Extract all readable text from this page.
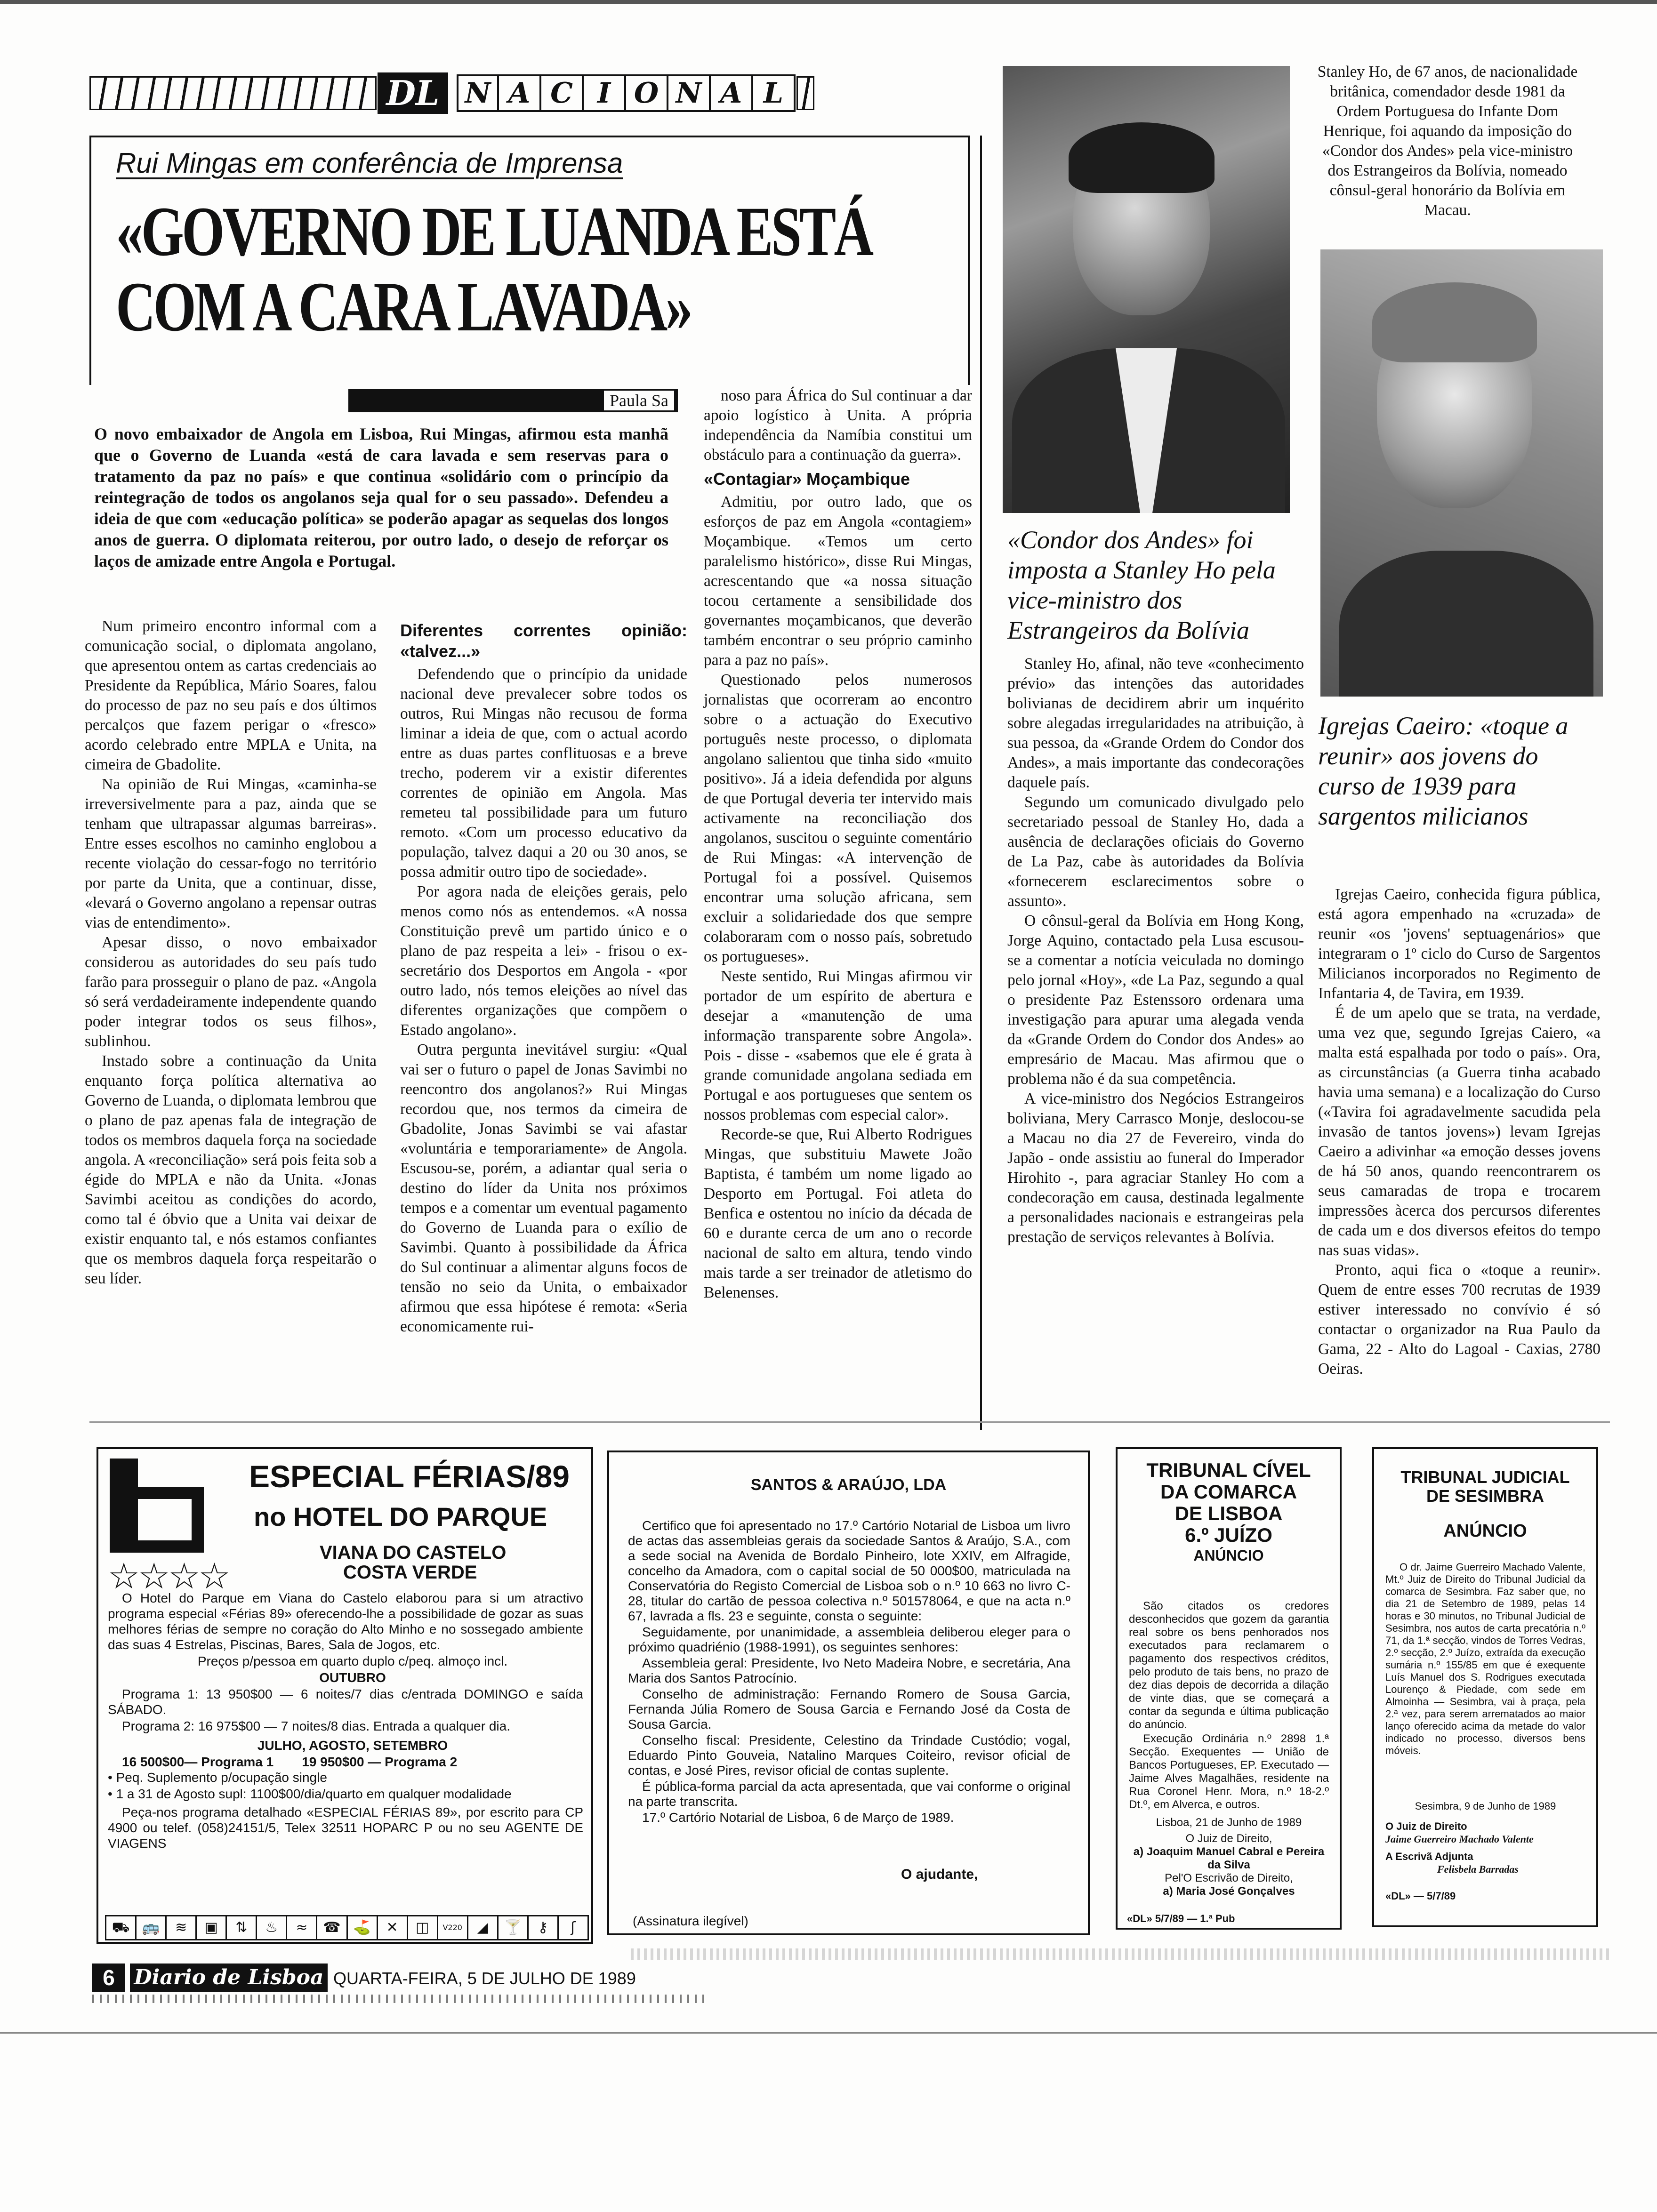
DL N A C I O N A L
Rui Mingas em conferência de Imprensa
«GOVERNO DE LUANDA ESTÁ
COM A CARA LAVADA»
Paula Sa

O novo embaixador de Angola em Lisboa, Rui Mingas, afirmou esta manhã que o Governo de Luanda «está de cara lavada e sem reservas para o tratamento da paz no país» e que continua «solidário com o princípio da reintegração de todos os angolanos seja qual for o seu passado». Defendeu a ideia de que com «educação política» se poderão apagar as sequelas dos longos anos de guerra. O diplomata reiterou, por outro lado, o desejo de reforçar os laços de amizade entre Angola e Portugal.

Num primeiro encontro informal com a comunicação social, o diplomata angolano, que apresentou ontem as cartas credenciais ao Presidente da República, Mário Soares, falou do processo de paz no seu país e dos últimos percalços que fazem perigar o «fresco» acordo celebrado entre MPLA e Unita, na cimeira de Gbadolite.

Na opinião de Rui Mingas, «caminha-se irreversivelmente para a paz, ainda que se tenham que ultrapassar algumas barreiras». Entre esses escolhos no caminho englobou a recente violação do cessar-fogo no território por parte da Unita, que a continuar, disse, «levará o Governo angolano a repensar outras vias de entendimento».

Apesar disso, o novo embaixador considerou as autoridades do seu país tudo farão para prosseguir o plano de paz. «Angola só será verdadeiramente independente quando poder integrar todos os seus filhos», sublinhou.

Instado sobre a continuação da Unita enquanto força política alternativa ao Governo de Luanda, o diplomata lembrou que o plano de paz apenas fala de integração de todos os membros daquela força na sociedade angola. A «reconciliação» será pois feita sob a égide do MPLA e não da Unita. «Jonas Savimbi aceitou as condições do acordo, como tal é óbvio que a Unita vai deixar de existir enquanto tal, e nós estamos confiantes que os membros daquela força respeitarão o seu líder.

Diferentes correntes opinião: «talvez...»

Defendendo que o princípio da unidade nacional deve prevalecer sobre todos os outros, Rui Mingas não recusou de forma liminar a ideia de que, com o actual acordo entre as duas partes conflituosas e a breve trecho, poderem vir a existir diferentes correntes de opinião em Angola. Mas remeteu tal possibilidade para um futuro remoto. «Com um processo educativo da população, talvez daqui a 20 ou 30 anos, se possa admitir outro tipo de sociedade».

Por agora nada de eleições gerais, pelo menos como nós as entendemos. «A nossa Constituição prevê um partido único e o plano de paz respeita a lei» - frisou o ex-secretário dos Desportos em Angola - «por outro lado, nós temos eleições ao nível das diferentes organizações que compõem o Estado angolano».

Outra pergunta inevitável surgiu: «Qual vai ser o futuro o papel de Jonas Savimbi no reencontro dos angolanos?» Rui Mingas recordou que, nos termos da cimeira de Gbadolite, Jonas Savimbi se vai afastar «voluntária e temporariamente» de Angola. Escusou-se, porém, a adiantar qual seria o destino do líder da Unita nos próximos tempos e a comentar um eventual pagamento do Governo de Luanda para o exílio de Savimbi. Quanto à possibilidade da África do Sul continuar a alimentar alguns focos de tensão no seio da Unita, o embaixador afirmou que essa hipótese é remota: «Seria economicamente rui-

noso para África do Sul continuar a dar apoio logístico à Unita. A própria independência da Namíbia constitui um obstáculo para a continuação da guerra».

«Contagiar» Moçambique

Admitiu, por outro lado, que os esforços de paz em Angola «contagiem» Moçambique. «Temos um certo paralelismo histórico», disse Rui Mingas, acrescentando que «a nossa situação tocou certamente a sensibilidade dos governantes moçambicanos, que deverão também encontrar o seu próprio caminho para a paz no país».

Questionado pelos numerosos jornalistas que ocorreram ao encontro sobre o a actuação do Executivo português neste processo, o diplomata angolano salientou que tinha sido «muito positivo». Já a ideia defendida por alguns de que Portugal deveria ter intervido mais activamente na reconciliação dos angolanos, suscitou o seguinte comentário de Rui Mingas: «A intervenção de Portugal foi a possível. Quisemos encontrar uma solução africana, sem excluir a solidariedade dos que sempre colaboraram com o nosso país, sobretudo os portugueses».

Neste sentido, Rui Mingas afirmou vir portador de um espírito de abertura e desejar a «manutenção de uma informação transparente sobre Angola». Pois - disse - «sabemos que ele é grata à grande comunidade angolana sediada em Portugal e aos portugueses que sentem os nossos problemas com especial calor».

Recorde-se que, Rui Alberto Rodrigues Mingas, que substituiu Mawete João Baptista, é também um nome ligado ao Desporto em Portugal. Foi atleta do Benfica e ostentou no início da década de 60 e durante cerca de um ano o recorde nacional de salto em altura, tendo vindo mais tarde a ser treinador de atletismo do Belenenses.

Stanley Ho, de 67 anos, de nacionalidade britânica, comendador desde 1981 da Ordem Portuguesa do Infante Dom Henrique, foi aquando da imposição do «Condor dos Andes» pela vice-ministro dos Estrangeiros da Bolívia, nomeado cônsul-geral honorário da Bolívia em Macau.

«Condor dos Andes» foi imposta a Stanley Ho pela vice-ministro dos Estrangeiros da Bolívia

Stanley Ho, afinal, não teve «conhecimento prévio» das intenções das autoridades bolivianas de decidirem abrir um inquérito sobre alegadas irregularidades na atribuição, à sua pessoa, da «Grande Ordem do Condor dos Andes», a mais importante das condecorações daquele país.

Segundo um comunicado divulgado pelo secretariado pessoal de Stanley Ho, dada a ausência de declarações oficiais do Governo de La Paz, cabe às autoridades da Bolívia «fornecerem esclarecimentos sobre o assunto».

O cônsul-geral da Bolívia em Hong Kong, Jorge Aquino, contactado pela Lusa escusou-se a comentar a notícia veiculada no domingo pelo jornal «Hoy», «de La Paz, segundo a qual o presidente Paz Estenssoro ordenara uma investigação para apurar uma alegada venda da «Grande Ordem do Condor dos Andes» ao empresário de Macau. Mas afirmou que o problema não é da sua competência.

A vice-ministro dos Negócios Estrangeiros boliviana, Mery Carrasco Monje, deslocou-se a Macau no dia 27 de Fevereiro, vinda do Japão - onde assistiu ao funeral do Imperador Hirohito -, para agraciar Stanley Ho com a condecoração em causa, destinada legalmente a personalidades nacionais e estrangeiras pela prestação de serviços relevantes à Bolívia.

Igrejas Caeiro: «toque a reunir» aos jovens do curso de 1939 para sargentos milicianos

Igrejas Caeiro, conhecida figura pública, está agora empenhado na «cruzada» de reunir «os 'jovens' septuagenários» que integraram o 1º ciclo do Curso de Sargentos Milicianos incorporados no Regimento de Infantaria 4, de Tavira, em 1939.

É de um apelo que se trata, na verdade, uma vez que, segundo Igrejas Caiero, «a malta está espalhada por todo o país». Ora, as circunstâncias (a Guerra tinha acabado havia uma semana) e a localização do Curso («Tavira foi agradavelmente sacudida pela invasão de tantos jovens») levam Igrejas Caeiro a adivinhar «a emoção desses jovens de há 50 anos, quando reencontrarem os seus camaradas de tropa e trocarem impressões àcerca dos percursos diferentes de cada um e dos diversos efeitos do tempo nas suas vidas».

Pronto, aqui fica o «toque a reunir». Quem de entre esses 700 recrutas de 1939 estiver interessado no convívio é só contactar o organizador na Rua Paulo da Gama, 22 - Alto do Lagoal - Caxias, 2780 Oeiras.

ESPECIAL FÉRIAS/89
no HOTEL DO PARQUE
VIANA DO CASTELO
COSTA VERDE
☆☆☆☆

O Hotel do Parque em Viana do Castelo elaborou para si um atractivo programa especial «Férias 89» oferecendo-lhe a possibilidade de gozar as suas melhores férias de sempre no coração do Alto Minho e no sossegado ambiente das suas 4 Estrelas, Piscinas, Bares, Sala de Jogos, etc.

Preços p/pessoa em quarto duplo c/peq. almoço incl.

OUTUBRO

Programa 1: 13 950$00 — 6 noites/7 dias c/entrada DOMINGO e saída SÁBADO.

Programa 2: 16 975$00 — 7 noites/8 dias. Entrada a qualquer dia.

JULHO, AGOSTO, SETEMBRO

16 500$00— Programa 1 19 950$00 — Programa 2

• Peq. Suplemento p/ocupação single

• 1 a 31 de Agosto supl: 1100$00/dia/quarto em qualquer modalidade

Peça-nos programa detalhado «ESPECIAL FÉRIAS 89», por escrito para CP 4900 ou telef. (058)24151/5, Telex 32511 HOPARC P ou no seu AGENTE DE VIAGENS

⛟ 🚌	≋	▣	⇅	♨	≈	☎ ⛳	✕	◫	V220	◢	🍸	⚷	ʃ
SANTOS & ARAÚJO, LDA

Certifico que foi apresentado no 17.º Cartório Notarial de Lisboa um livro de actas das assembleias gerais da sociedade Santos & Araújo, S.A., com a sede social na Avenida de Bordalo Pinheiro, lote XXIV, em Alfragide, concelho da Amadora, com o capital social de 50 000$00, matriculada na Conservatória do Registo Comercial de Lisboa sob o n.º 10 663 no livro C-28, titular do cartão de pessoa colectiva n.º 501578064, e que na acta n.º 67, lavrada a fls. 23 e seguinte, consta o seguinte:

Seguidamente, por unanimidade, a assembleia deliberou eleger para o próximo quadriénio (1988-1991), os seguintes senhores:

Assembleia geral: Presidente, Ivo Neto Madeira Nobre, e secretária, Ana Maria dos Santos Patrocínio.

Conselho de administração: Fernando Romero de Sousa Garcia, Fernanda Júlia Romero de Sousa Garcia e Fernando José da Costa de Sousa Garcia.

Conselho fiscal: Presidente, Celestino da Trindade Custódio; vogal, Eduardo Pinto Gouveia, Natalino Marques Coiteiro, revisor oficial de contas, e José Pires, revisor oficial de contas suplente.

É pública-forma parcial da acta apresentada, que vai conforme o original na parte transcrita.

17.º Cartório Notarial de Lisboa, 6 de Março de 1989.

O ajudante,
(Assinatura ilegível)
TRIBUNAL CÍVEL
DA COMARCA
DE LISBOA
6.º JUÍZO
ANÚNCIO

São citados os credores desconhecidos que gozem da garantia real sobre os bens penhorados nos executados para reclamarem o pagamento dos respectivos créditos, pelo produto de tais bens, no prazo de dez dias depois de decorrida a dilação de vinte dias, que se começará a contar da segunda e última publicação do anúncio.

Execução Ordinária n.º 2898 1.ª Secção. Exequentes — União de Bancos Portugueses, EP. Executado — Jaime Alves Magalhães, residente na Rua Coronel Henr. Mora, n.º 18-2.º Dt.º, em Alverca, e outros.

Lisboa, 21 de Junho de 1989
O Juiz de Direito,
a) Joaquim Manuel Cabral e Pereira da Silva
Pel'O Escrivão de Direito,
a) Maria José Gonçalves
«DL» 5/7/89 — 1.ª Pub
TRIBUNAL JUDICIAL
DE SESIMBRA
ANÚNCIO

O dr. Jaime Guerreiro Machado Valente, Mt.º Juiz de Direito do Tribunal Judicial da comarca de Sesimbra. Faz saber que, no dia 21 de Setembro de 1989, pelas 14 horas e 30 minutos, no Tribunal Judicial de Sesimbra, nos autos de carta precatória n.º 71, da 1.ª secção, vindos de Torres Vedras, 2.º secção, 2.º Juízo, extraída da execução sumária n.º 155/85 em que é exequente Luís Manuel dos S. Rodrigues executada Lourenço & Piedade, com sede em Almoinha — Sesimbra, vai à praça, pela 2.ª vez, para serem arrematados ao maior lanço oferecido acima da metade do valor indicado no processo, diversos bens móveis.

Sesimbra, 9 de Junho de 1989
O Juiz de Direito
Jaime Guerreiro Machado Valente
A Escrivã Adjunta
Felisbela Barradas
«DL» — 5/7/89
6 Diario de Lisboa QUARTA-FEIRA, 5 DE JULHO DE 1989
